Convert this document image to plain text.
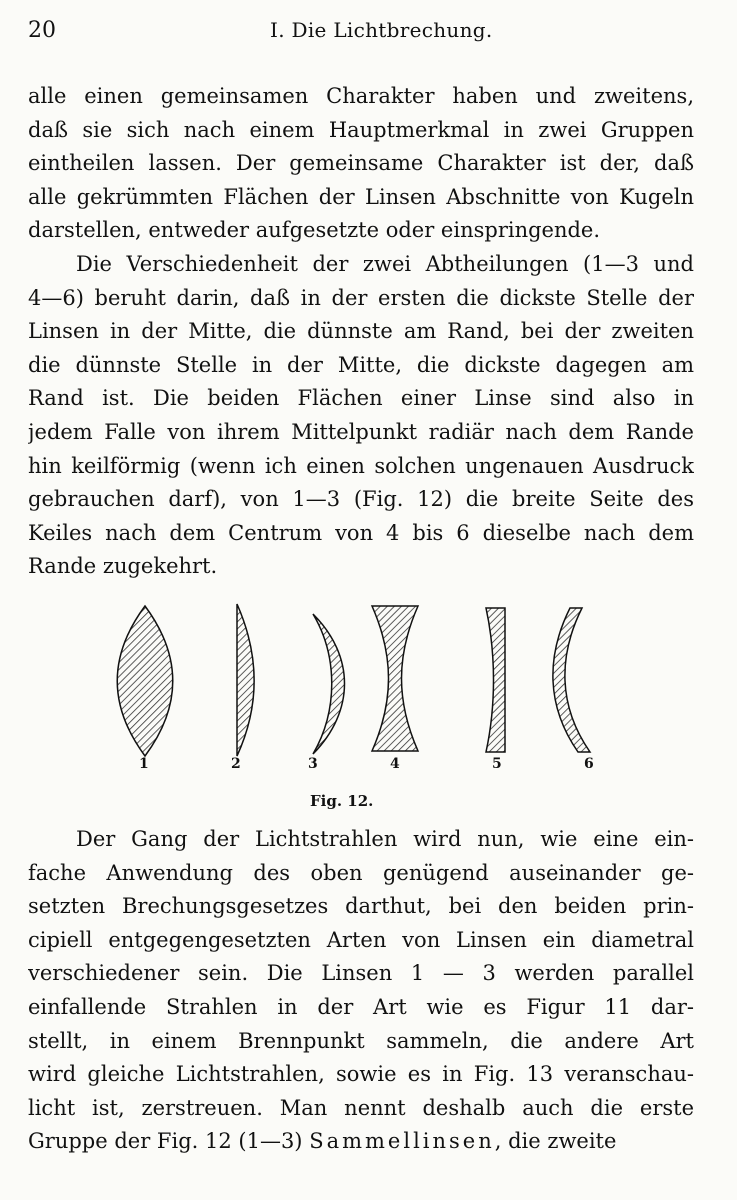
20	I. Die Lichtbrechung.
alle einen gemeinsamen Charakter haben und zweitens,
daß sie sich nach einem Hauptmerkmal in zwei Gruppen
eintheilen lassen. Der gemeinsame Charakter ist der, daß
alle gekrümmten Flächen der Linsen Abschnitte von Kugeln
darstellen, entweder aufgesetzte oder einspringende.
Die Verschiedenheit der zwei Abtheilungen (1—3 und
4—6) beruht darin, daß in der ersten die dickste Stelle der
Linsen in der Mitte, die dünnste am Rand, bei der zweiten
die dünnste Stelle in der Mitte, die dickste dagegen am
Rand ist. Die beiden Flächen einer Linse sind also in
jedem Falle von ihrem Mittelpunkt radiär nach dem Rande
hin keilförmig (wenn ich einen solchen ungenauen Ausdruck
gebrauchen darf), von 1—3 (Fig. 12) die breite Seite des
Keiles nach dem Centrum von 4 bis 6 dieselbe nach dem
Rande zugekehrt.
1	2	3	4	5	6
Fig. 12.
Der Gang der Lichtstrahlen wird nun, wie eine ein-
fache Anwendung des oben genügend auseinander ge-
setzten Brechungsgesetzes darthut, bei den beiden prin-
cipiell entgegengesetzten Arten von Linsen ein diametral
verschiedener sein. Die Linsen 1 — 3 werden parallel
einfallende Strahlen in der Art wie es Figur 11 dar-
stellt, in einem Brennpunkt sammeln, die andere Art
wird gleiche Lichtstrahlen, sowie es in Fig. 13 veranschau-
licht ist, zerstreuen. Man nennt deshalb auch die erste
Gruppe der Fig. 12 (1—3) Sammellinsen, die zweite
